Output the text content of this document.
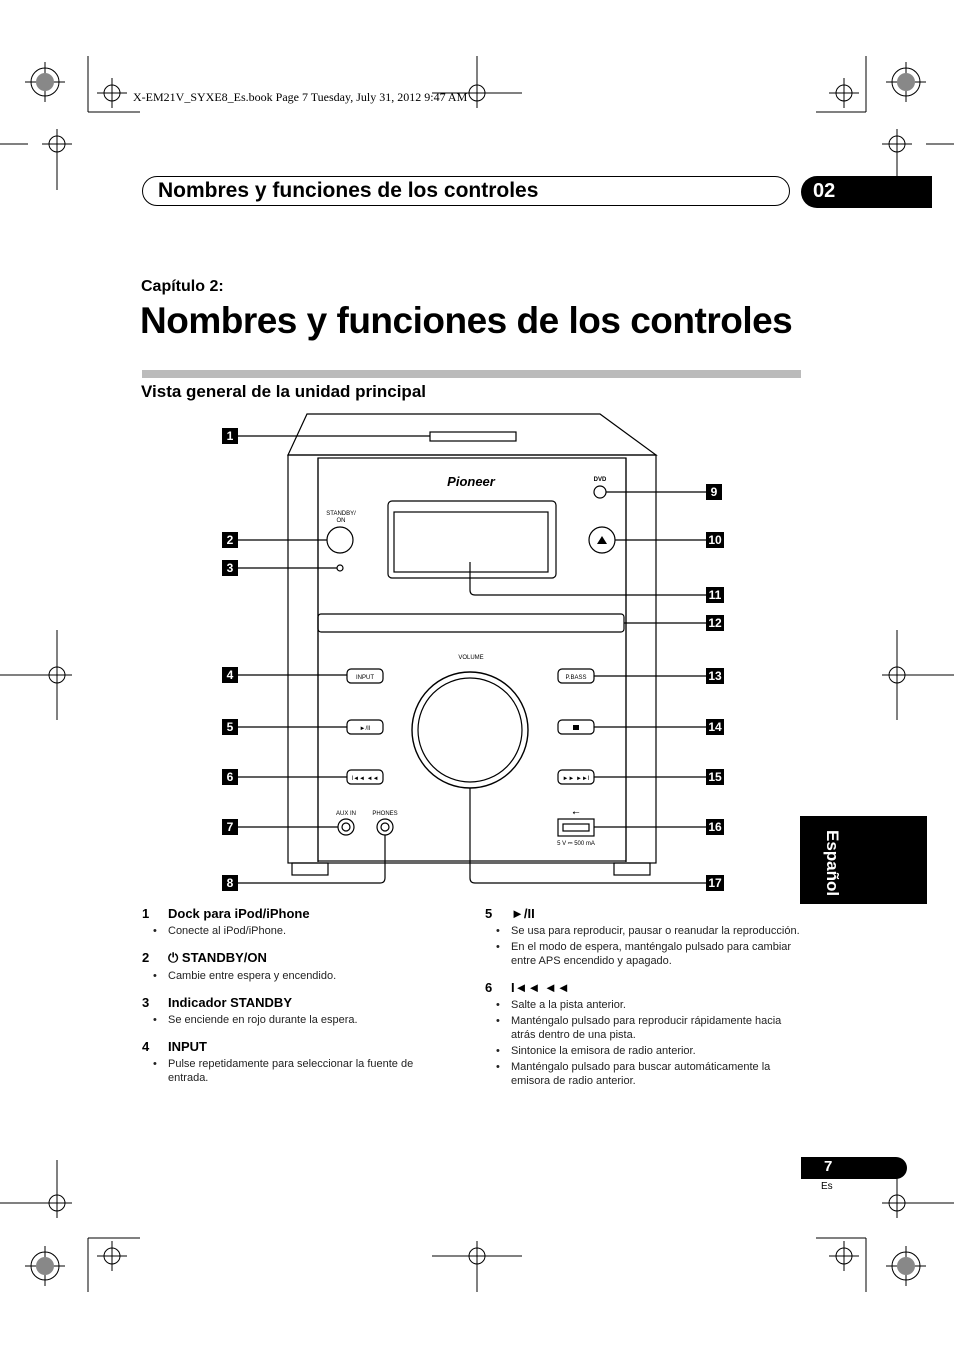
X-EM21V_SYXE8_Es.book Page 7 Tuesday, July 31, 2012 9:47 AM
Nombres y funciones de los controles	02
Capítulo 2:
Nombres y funciones de los controles
Vista general de la unidad principal
Pioneer	DVD
STANDBY/ ON
VOLUME
INPUT	P.BASS
►/II
I◄◄ ◄◄	►► ►►I
AUX IN	PHONES
5 V ⎓ 500 mA
⭠
1
2
3
4
5
6
7
8
9
10
11
12
13
14
15
16
17
1	Dock para iPod/iPhone
• Conecte al iPod/iPhone.
2	⏻ STANDBY/ON
• Cambie entre espera y encendido.
3	Indicador STANDBY
• Se enciende en rojo durante la espera.
4	INPUT
• Pulse repetidamente para seleccionar la fuente de entrada.
5	►/II
• Se usa para reproducir, pausar o reanudar la reproducción.
• En el modo de espera, manténgalo pulsado para cambiar entre APS encendido y apagado.
6	I◄◄ ◄◄
• Salte a la pista anterior.
• Manténgalo pulsado para reproducir rápidamente hacia atrás dentro de una pista.
• Sintonice la emisora de radio anterior.
• Manténgalo pulsado para buscar automáticamente la emisora de radio anterior.
Español
7
Es
